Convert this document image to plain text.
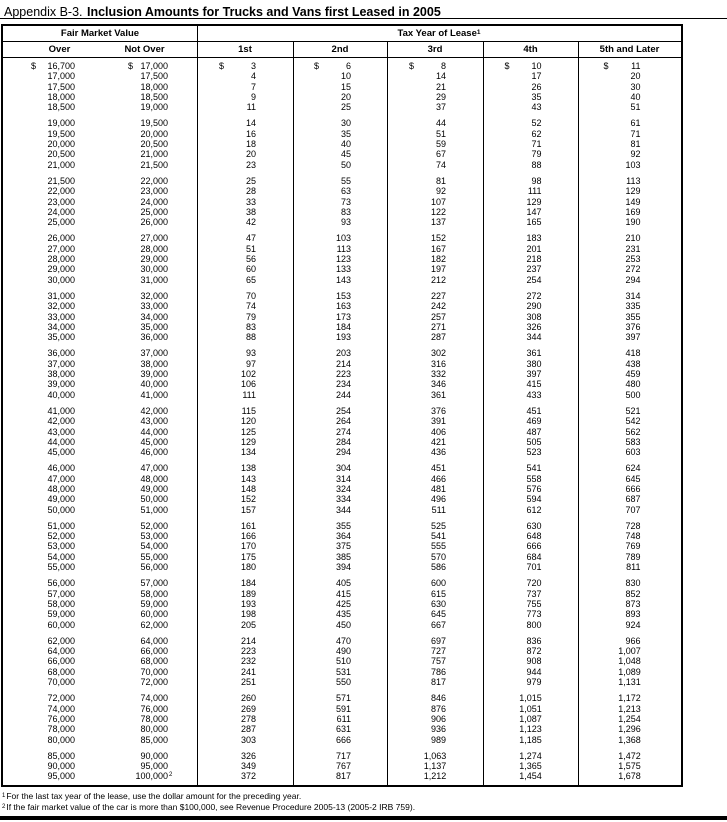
Appendix B-3. Inclusion Amounts for Trucks and Vans first Leased in 2005
Fair Market Value	Tax Year of Lease$^1$
Over	Not Over	1st	2nd	3rd	4th	5th and Later
$ 16,700	$ 17,000	$	3	$	6	$	8	$ 10	$	11
17,000	17,500	4	10	14	17	20
17,500	18,000	7	15	21	26	30
18,000	18,500	9	20	29	35	40
18,500	19,000	11	25	37	43	51
19,000	19,500	14	30	44	52	61
19,500	20,000	16	35	51	62	71
20,000	20,500	18	40	59	71	81
20,500	21,000	20	45	67	79	92
21,000	21,500	23	50	74	88	103
21,500	22,000	25	55	81	98	113
22,000	23,000	28	63	92	111	129
23,000	24,000	33	73	107	129	149
24,000	25,000	38	83	122	147	169
25,000	26,000	42	93	137	165	190
26,000	27,000	47	103	152	183	210
27,000	28,000	51	113	167	201	231
28,000	29,000	56	123	182	218	253
29,000	30,000	60	133	197	237	272
30,000	31,000	65	143	212	254	294
31,000	32,000	70	153	227	272	314
32,000	33,000	74	163	242	290	335
33,000	34,000	79	173	257	308	355
34,000	35,000	83	184	271	326	376
35,000	36,000	88	193	287	344	397
36,000	37,000	93	203	302	361	418
37,000	38,000	97	214	316	380	438
38,000	39,000	102	223	332	397	459
39,000	40,000	106	234	346	415	480
40,000	41,000	111	244	361	433	500
41,000	42,000	115	254	376	451	521
42,000	43,000	120	264	391	469	542
43,000	44,000	125	274	406	487	562
44,000	45,000	129	284	421	505	583
45,000	46,000	134	294	436	523	603
46,000	47,000	138	304	451	541	624
47,000	48,000	143	314	466	558	645
48,000	49,000	148	324	481	576	666
49,000	50,000	152	334	496	594	687
50,000	51,000	157	344	511	612	707
51,000	52,000	161	355	525	630	728
52,000	53,000	166	364	541	648	748
53,000	54,000	170	375	555	666	769
54,000	55,000	175	385	570	684	789
55,000	56,000	180	394	586	701	811
56,000	57,000	184	405	600	720	830
57,000	58,000	189	415	615	737	852
58,000	59,000	193	425	630	755	873
59,000	60,000	198	435	645	773	893
60,000	62,000	205	450	667	800	924
62,000	64,000	214	470	697	836	966
64,000	66,000	223	490	727	872	1,007
66,000	68,000	232	510	757	908	1,048
68,000	70,000	241	531	786	944	1,089
70,000	72,000	251	550	817	979	1,131
72,000	74,000	260	571	846	1,015	1,172
74,000	76,000	269	591	876	1,051	1,213
76,000	78,000	278	611	906	1,087	1,254
78,000	80,000	287	631	936	1,123	1,296
80,000	85,000	303	666	989	1,185	1,368
85,000	90,000	326	717	1,063	1,274	1,472
90,000	95,000	349	767	1,137	1,365	1,575
95,000	100,000$^2$	372	817	1,212	1,454	1,678
$^1$For the last tax year of the lease, use the dollar amount for the preceding year.
$^2$If the fair market value of the car is more than $100,000, see Revenue Procedure 2005-13 (2005-2 IRB 759).
